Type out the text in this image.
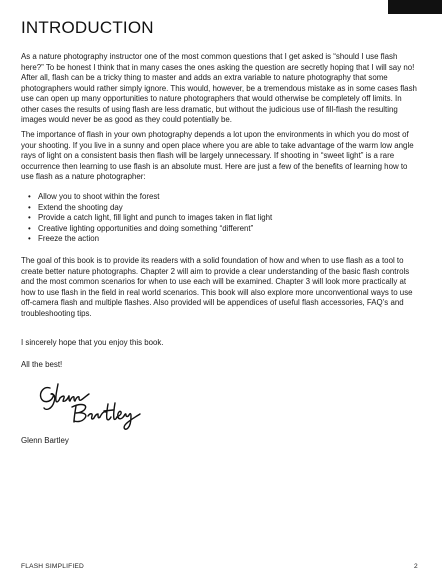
INTRODUCTION

As a nature photography instructor one of the most common questions that I get asked is “should I use flash here?” To be honest I think that in many cases the ones asking the question are secretly hoping that I will say no! After all, flash can be a tricky thing to master and adds an extra variable to nature photography that some photographers would rather simply ignore. This would, however, be a tremendous mistake as in some cases flash use can open up many opportunities to nature photographers that would otherwise be completely off limits. In other cases the results of using flash are less dramatic, but without the judicious use of fill-flash the resulting images would never be as good as they could potentially be.

The importance of flash in your own photography depends a lot upon the environments in which you do most of your shooting. If you live in a sunny and open place where you are able to take advantage of the warm low angle rays of light on a consistent basis then flash will be largely unnecessary. If shooting in “sweet light” is a rare occurrence then learning to use flash is an absolute must. Here are just a few of the benefits of learning how to use flash as a nature photographer:

• Allow you to shoot within the forest
• Extend the shooting day
• Provide a catch light, fill light and punch to images taken in flat light
• Creative lighting opportunities and doing something “different”
• Freeze the action

The goal of this book is to provide its readers with a solid foundation of how and when to use flash as a tool to create better nature photographs. Chapter 2 will aim to provide a clear understanding of the basic flash controls and the most common scenarios for when to use each will be examined. Chapter 3 will look more practically at how to use flash in the field in real world scenarios. This book will also explore more unconventional ways to use off-camera flash and multiple flashes. Also provided will be appendices of useful flash accessories, FAQ’s and troubleshooting tips.

I sincerely hope that you enjoy this book.

All the best!

Glenn Bartley
FLASH SIMPLIFIED	2
